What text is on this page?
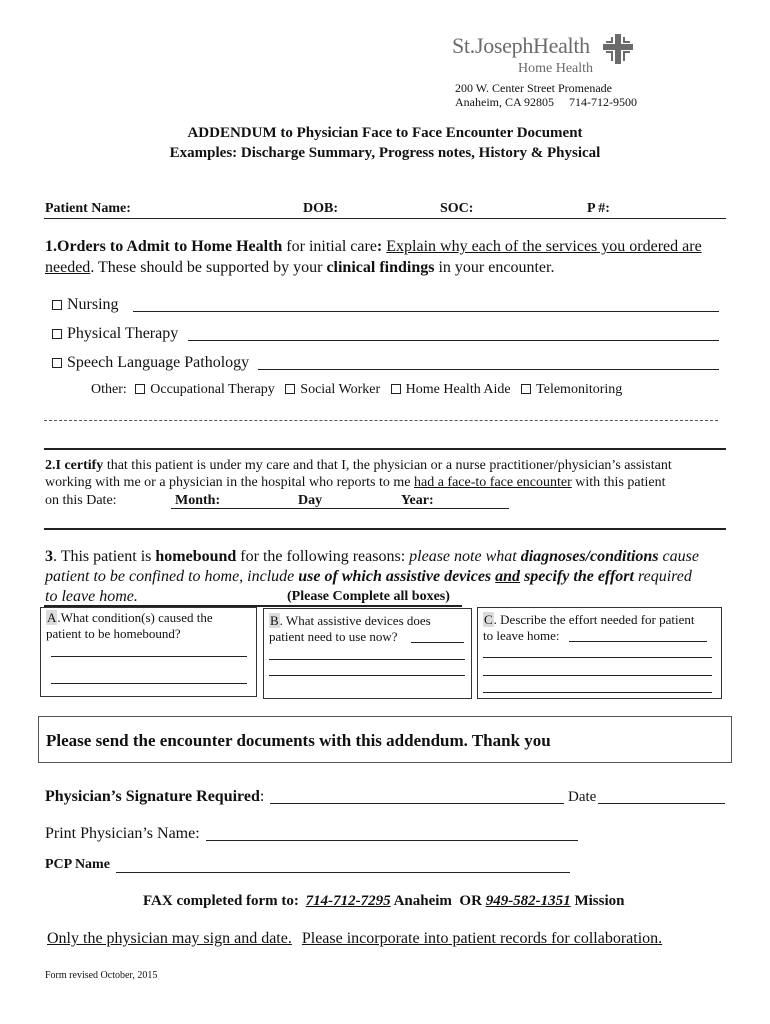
St.JosephHealth
Home Health
200 W. Center Street Promenade
Anaheim, CA 92805     714-712-9500
ADDENDUM to Physician Face to Face Encounter Document
Examples: Discharge Summary, Progress notes, History & Physical
Patient Name:	DOB:	SOC:	P #:
1.Orders to Admit to Home Health for initial care: Explain why each of the services you ordered are
needed. These should be supported by your clinical findings in your encounter.
Nursing
Physical Therapy
Speech Language Pathology
Other: Occupational Therapy Social Worker Home Health Aide Telemonitoring
2.I certify that this patient is under my care and that I, the physician or a nurse practitioner/physician’s assistant
working with me or a physician in the hospital who reports to me had a face-to face encounter with this patient
on this Date:	Month:	Day	Year:
3. This patient is homebound for the following reasons: please note what diagnoses/conditions cause
patient to be confined to home, include use of which assistive devices and specify the effort required
to leave home.	(Please Complete all boxes)
A.What condition(s) caused the
patient to be homebound?
B. What assistive devices does
patient need to use now?
C. Describe the effort needed for patient
to leave home:
Please send the encounter documents with this addendum. Thank you
Physician’s Signature Required:	Date
Print Physician’s Name:
PCP Name
FAX completed form to: 714-712-7295 Anaheim  OR 949-582-1351 Mission
Only the physician may sign and date. Please incorporate into patient records for collaboration.
Form revised October, 2015
